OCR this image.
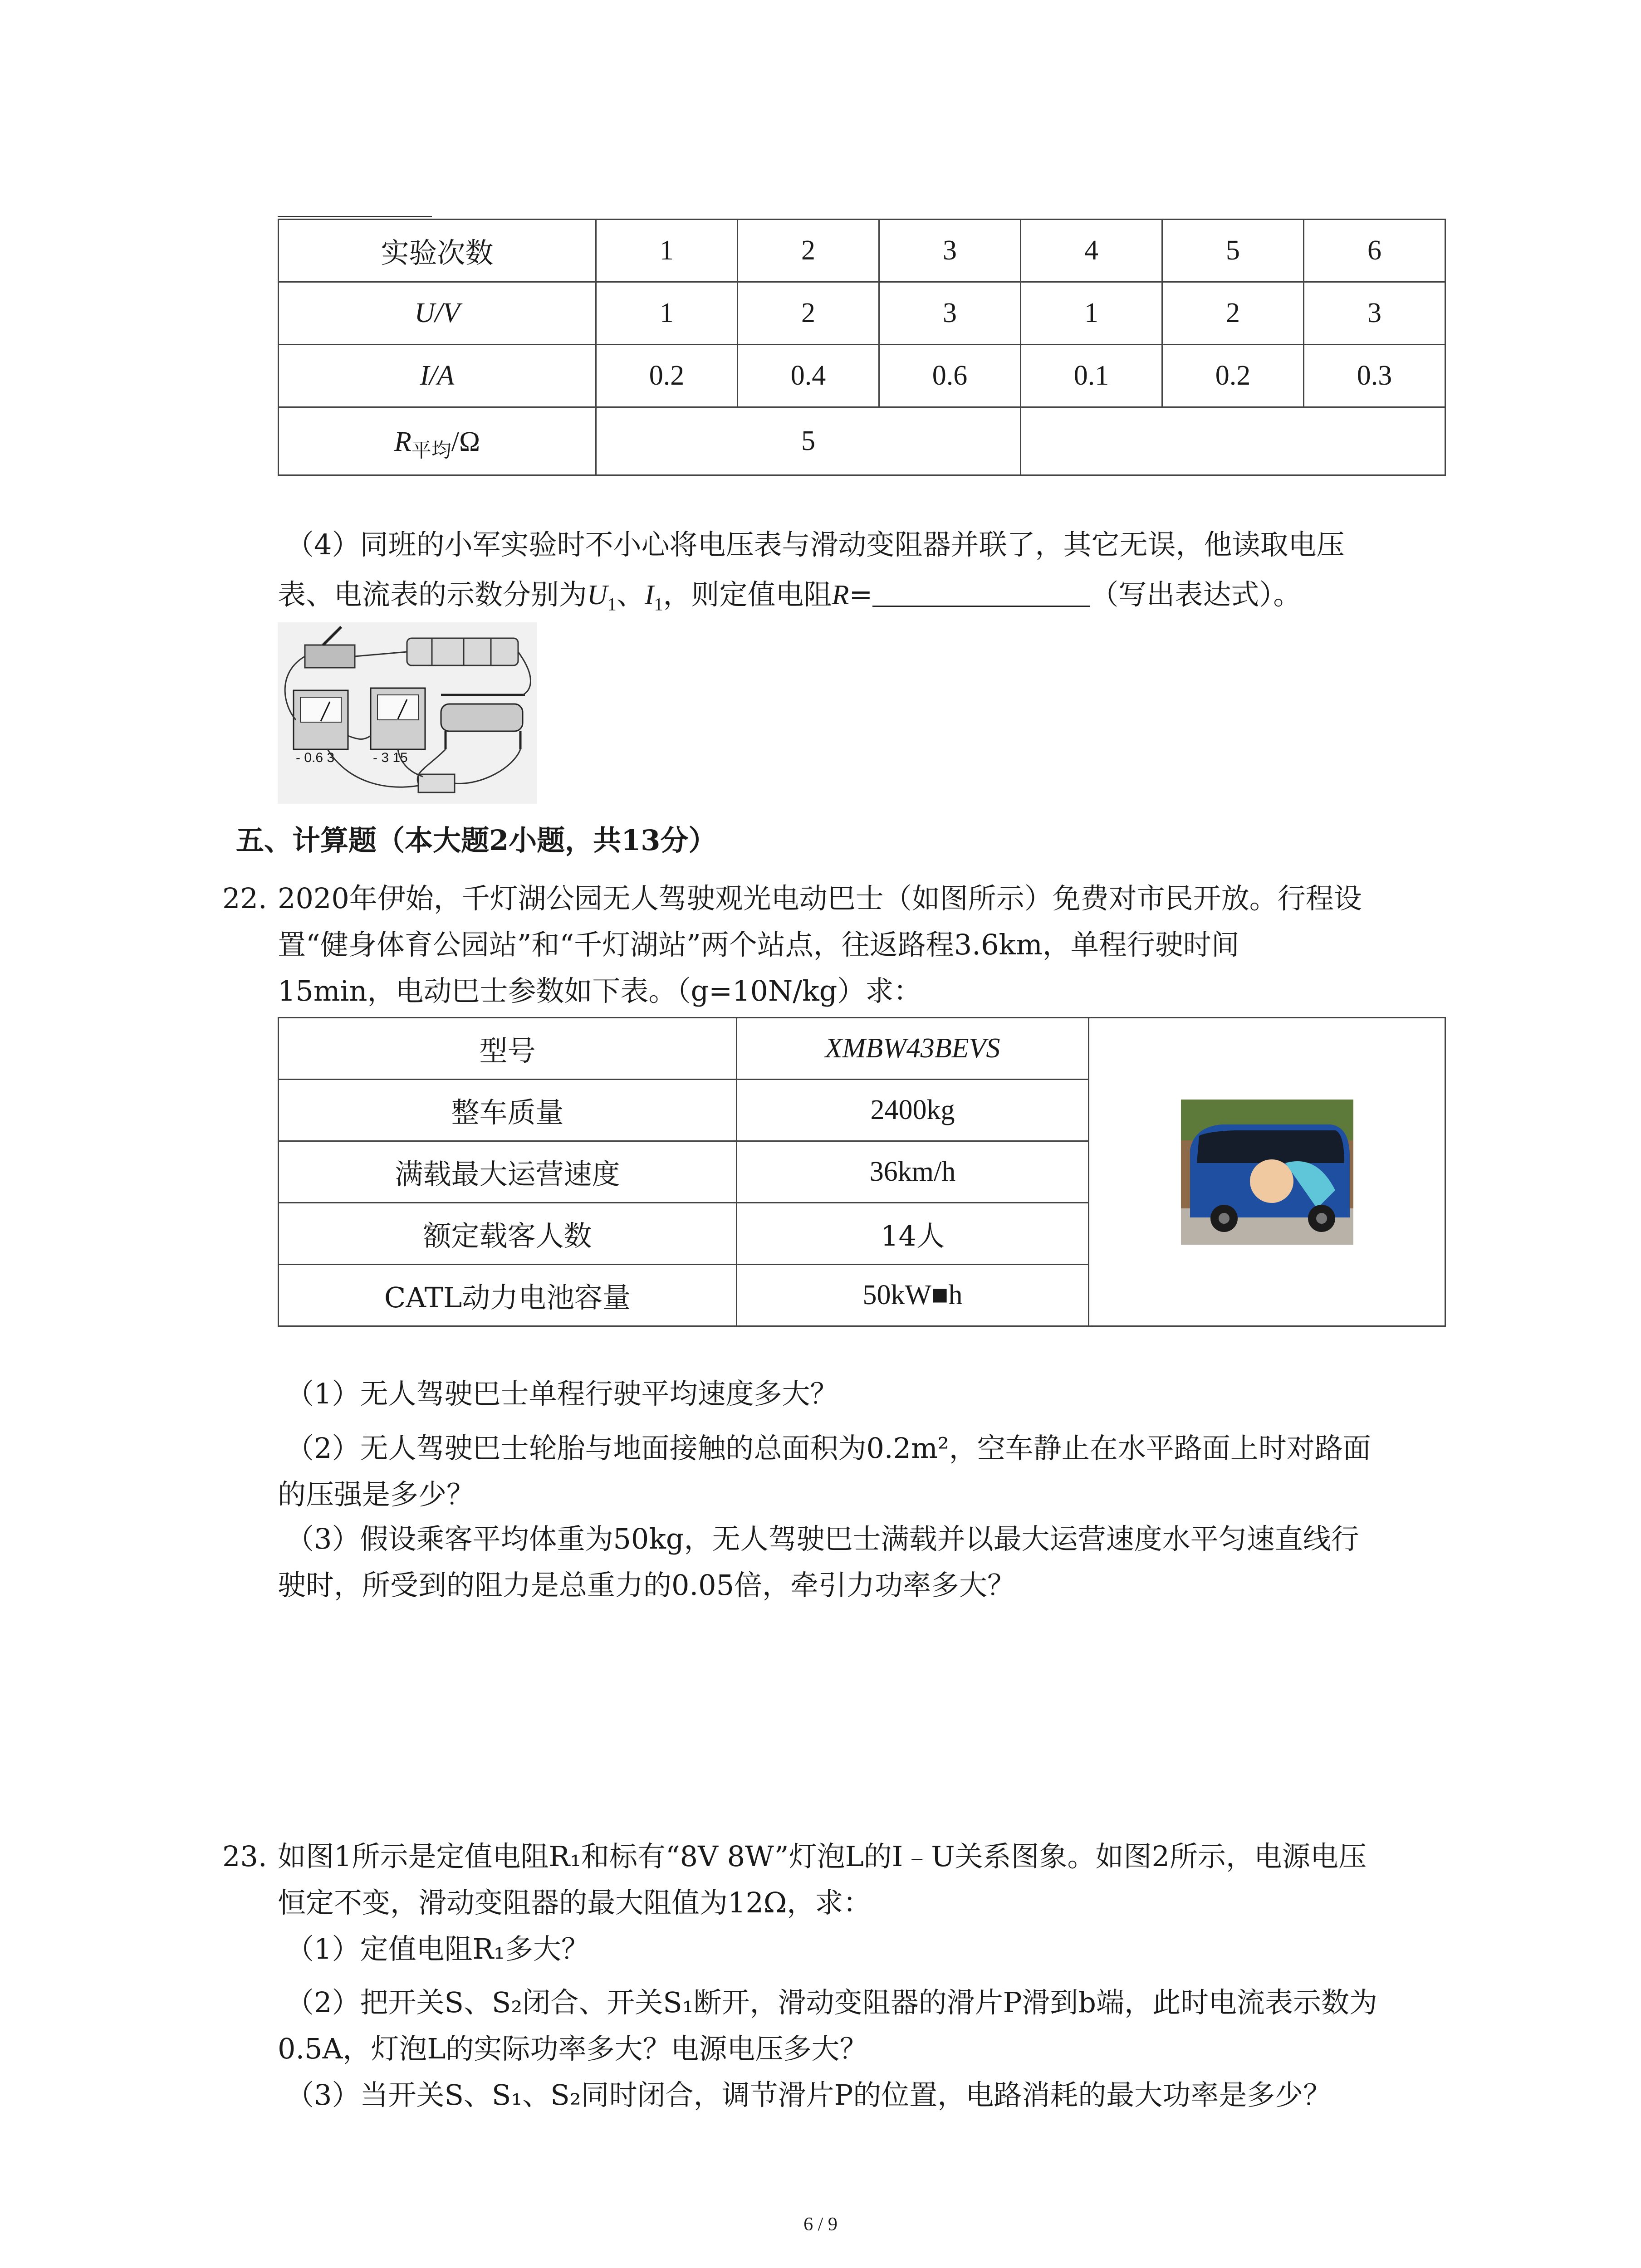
实验次数	1	2	3	4	5	6
U/V	1	2	3	1	2	3
I/A	0.2	0.4	0.6	0.1	0.2	0.3
$R_{平均}/\Omega$	5					
（4）同班的小军实验时不小心将电压表与滑动变阻器并联了，其它无误，他读取电压
表、电流表的示数分别为$U_1$、$I_1$，则定值电阻R=	（写出表达式）。
- 0.6 3	- 3 15
五、计算题（本大题2小题，共13分）
22. 2020年伊始，千灯湖公园无人驾驶观光电动巴士（如图所示）免费对市民开放。行程设
置“健身体育公园站”和“千灯湖站”两个站点，往返路程3.6km，单程行驶时间
15min，电动巴士参数如下表。（g=10N/kg）求：
型号	XMBW43BEVS	

整车质量	2400kg	
满载最大运营速度	36km/h	
额定载客人数	14人	
CATL动力电池容量	50kW■h	
（1）无人驾驶巴士单程行驶平均速度多大？
（2）无人驾驶巴士轮胎与地面接触的总面积为0.2m²，空车静止在水平路面上时对路面
的压强是多少？
（3）假设乘客平均体重为50kg，无人驾驶巴士满载并以最大运营速度水平匀速直线行
驶时，所受到的阻力是总重力的0.05倍，牵引力功率多大？
23. 如图1所示是定值电阻R₁和标有“8V 8W”灯泡L的I﹣U关系图象。如图2所示，电源电压
恒定不变，滑动变阻器的最大阻值为12Ω，求：
（1）定值电阻R₁多大？
（2）把开关S、S₂闭合、开关S₁断开，滑动变阻器的滑片P滑到b端，此时电流表示数为
0.5A，灯泡L的实际功率多大？电源电压多大？
（3）当开关S、S₁、S₂同时闭合，调节滑片P的位置，电路消耗的最大功率是多少？
6 / 9
